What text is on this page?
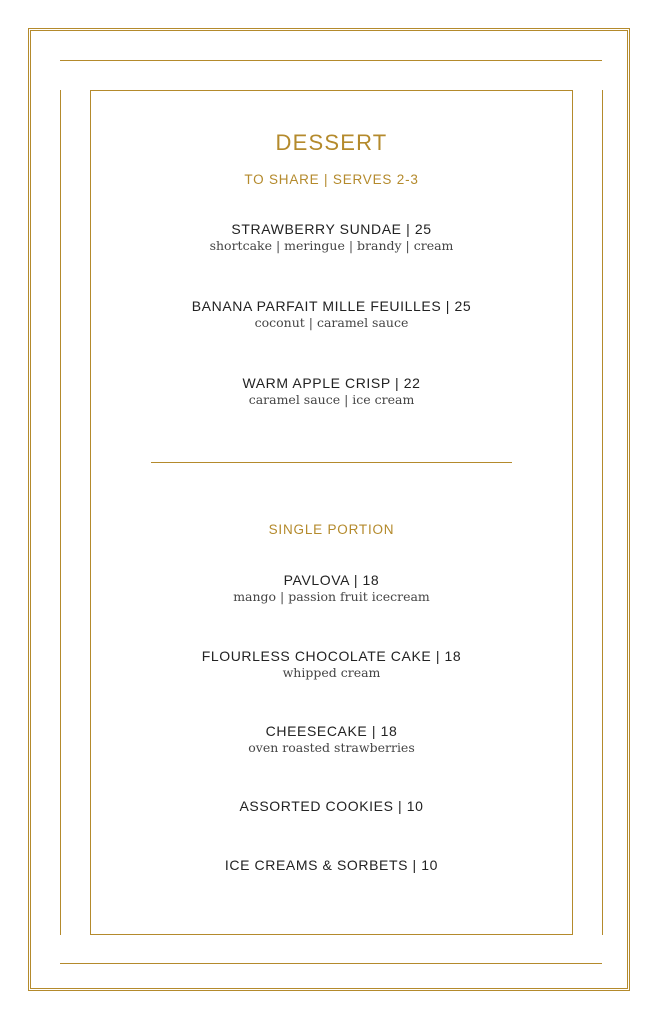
DESSERT
TO SHARE | SERVES 2-3
STRAWBERRY SUNDAE | 25
shortcake | meringue | brandy | cream
BANANA PARFAIT MILLE FEUILLES | 25
coconut | caramel sauce
WARM APPLE CRISP | 22
caramel sauce | ice cream
SINGLE PORTION
PAVLOVA | 18
mango | passion fruit icecream
FLOURLESS CHOCOLATE CAKE | 18
whipped cream
CHEESECAKE | 18
oven roasted strawberries
ASSORTED COOKIES | 10
ICE CREAMS & SORBETS | 10
